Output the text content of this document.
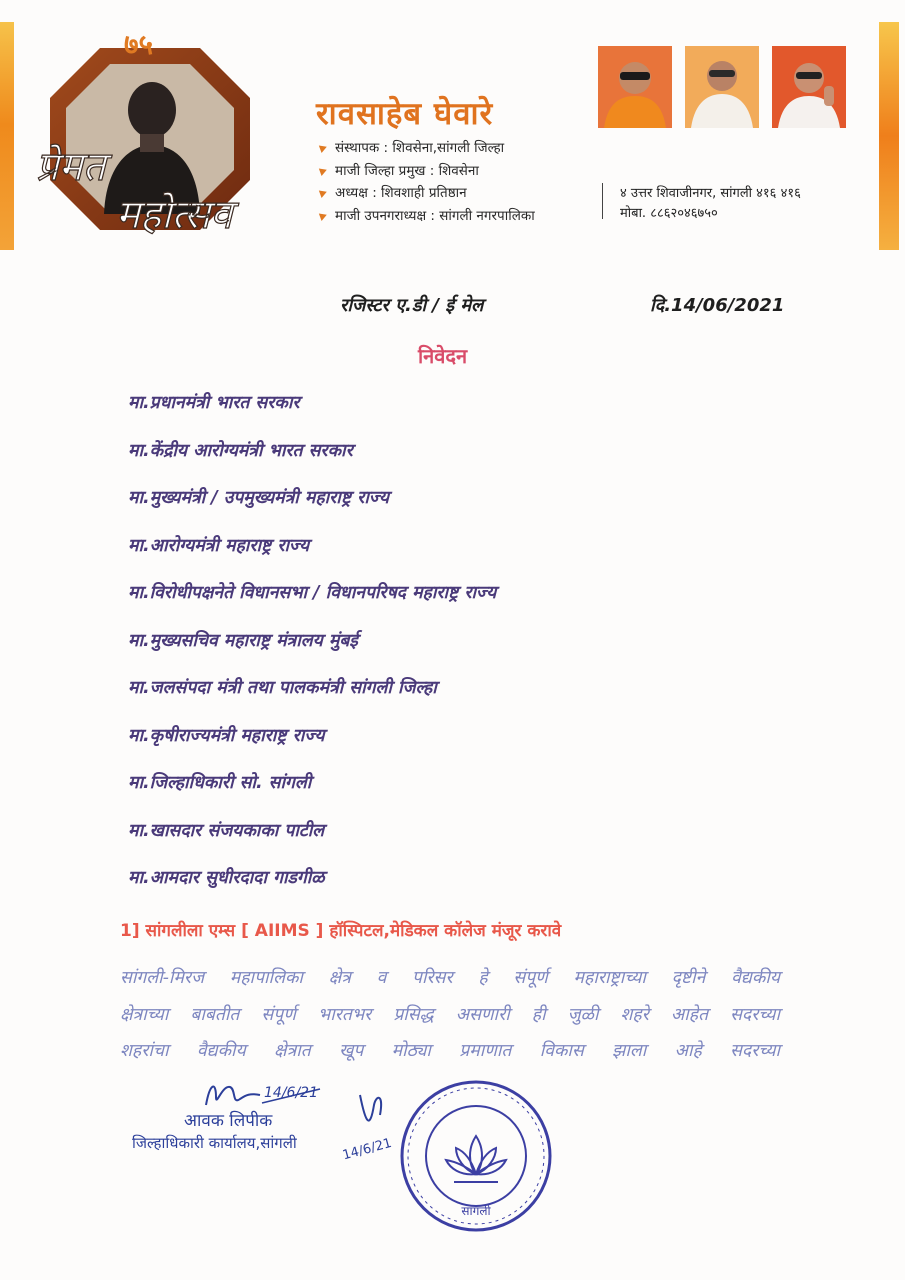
प्रेमत
महोत्सव
७५
रावसाहेब घेवारे
संस्थापक : शिवसेना,सांगली जिल्हा
माजी जिल्हा प्रमुख : शिवसेना
अध्यक्ष : शिवशाही प्रतिष्ठान
माजी उपनगराध्यक्ष : सांगली नगरपालिका
४ उत्तर शिवाजीनगर, सांगली ४१६ ४१६
मोबा. ८८६२०४६७५०
रजिस्टर ए.डी / ई मेल	दि.14/06/2021
निवेदन
मा.प्रधानमंत्री भारत सरकार
मा.केंद्रीय आरोग्यमंत्री भारत सरकार
मा.मुख्यमंत्री / उपमुख्यमंत्री महाराष्ट्र राज्य
मा.आरोग्यमंत्री महाराष्ट्र राज्य
मा.विरोधीपक्षनेते विधानसभा / विधानपरिषद महाराष्ट्र राज्य
मा.मुख्यसचिव महाराष्ट्र मंत्रालय मुंबई
मा.जलसंपदा मंत्री तथा पालकमंत्री सांगली जिल्हा
मा.कृषीराज्यमंत्री महाराष्ट्र राज्य
मा.जिल्हाधिकारी सो. सांगली
मा.खासदार संजयकाका पाटील
मा.आमदार सुधीरदादा गाडगीळ
1] सांगलीला एम्स [ AIIMS ] हॉस्पिटल,मेडिकल कॉलेज मंजूर करावे
सांगली-मिरज महापालिका क्षेत्र व परिसर हे संपूर्ण महाराष्ट्राच्या दृष्टीने वैद्यकीय
क्षेत्राच्या बाबतीत संपूर्ण भारतभर प्रसिद्ध असणारी ही जुळी शहरे आहेत सदरच्या
शहरांचा वैद्यकीय क्षेत्रात खूप मोठ्या प्रमाणात विकास झाला आहे सदरच्या
14/6/21
आवक लिपीक
जिल्हाधिकारी कार्यालय,सांगली	14/6/21
सांगली
